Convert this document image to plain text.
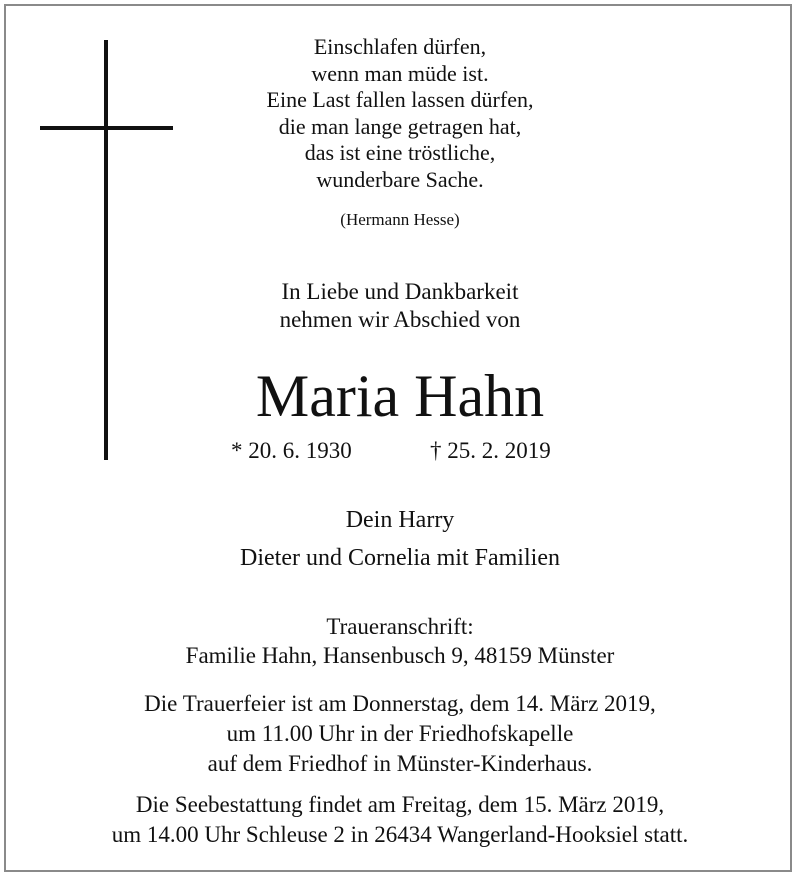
Einschlafen dürfen,
wenn man müde ist.
Eine Last fallen lassen dürfen,
die man lange getragen hat,
das ist eine tröstliche,
wunderbare Sache.
(Hermann Hesse)
In Liebe und Dankbarkeit
nehmen wir Abschied von
Maria Hahn
* 20. 6. 1930	† 25. 2. 2019
Dein Harry
Dieter und Cornelia mit Familien
Traueranschrift:
Familie Hahn, Hansenbusch 9, 48159 Münster
Die Trauerfeier ist am Donnerstag, dem 14. März 2019,
um 11.00 Uhr in der Friedhofskapelle
auf dem Friedhof in Münster-Kinderhaus.
Die Seebestattung findet am Freitag, dem 15. März 2019,
um 14.00 Uhr Schleuse 2 in 26434 Wangerland-Hooksiel statt.
